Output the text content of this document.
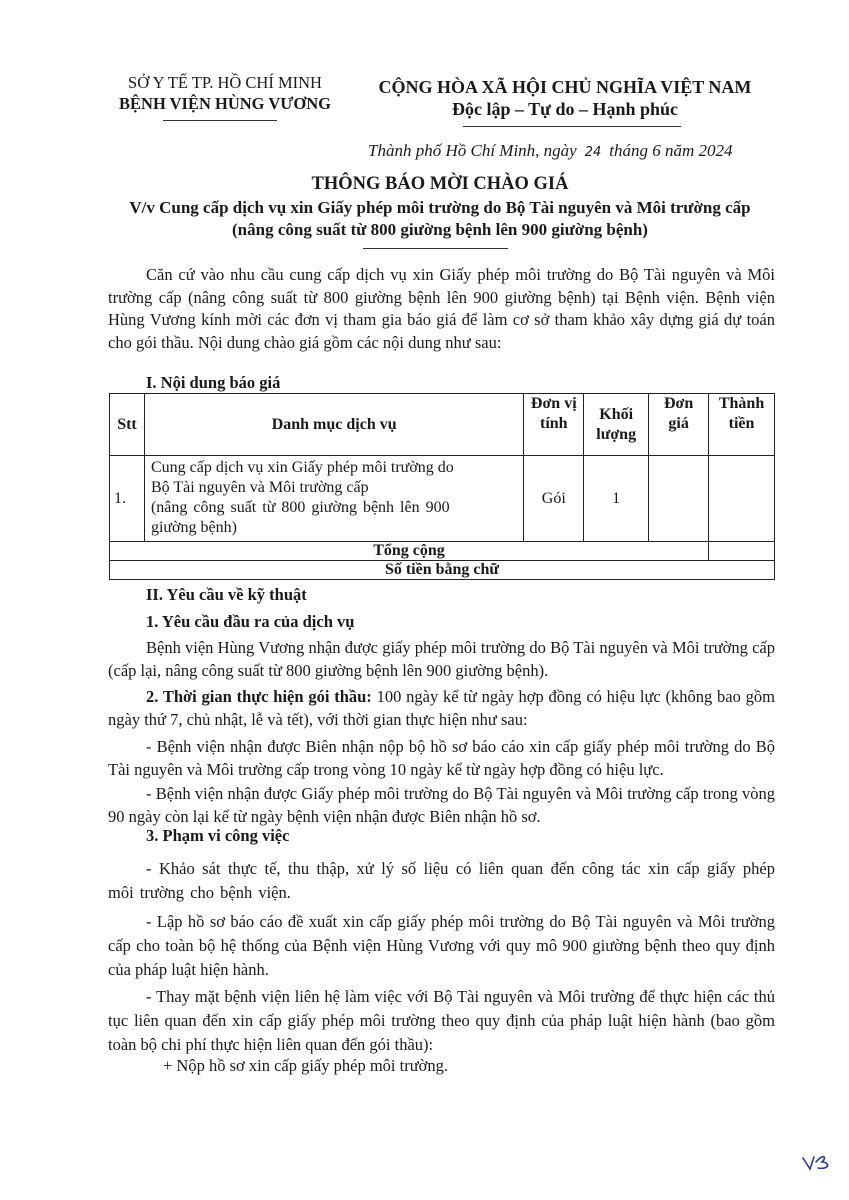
SỞ Y TẾ TP. HỒ CHÍ MINH
BỆNH VIỆN HÙNG VƯƠNG
CỘNG HÒA XÃ HỘI CHỦ NGHĨA VIỆT NAM
Độc lập – Tự do – Hạnh phúc
Thành phố Hồ Chí Minh, ngày 24 tháng 6 năm 2024
THÔNG BÁO MỜI CHÀO GIÁ
V/v Cung cấp dịch vụ xin Giấy phép môi trường do Bộ Tài nguyên và Môi trường cấp
(nâng công suất từ 800 giường bệnh lên 900 giường bệnh)
Căn cứ vào nhu cầu cung cấp dịch vụ xin Giấy phép môi trường do Bộ Tài nguyên và Môi trường cấp (nâng công suất từ 800 giường bệnh lên 900 giường bệnh) tại Bệnh viện. Bệnh viện Hùng Vương kính mời các đơn vị tham gia báo giá để làm cơ sở tham khảo xây dựng giá dự toán cho gói thầu. Nội dung chào giá gồm các nội dung như sau:
I. Nội dung báo giá
Stt	Danh mục dịch vụ	Đơn vị tính	Khối lượng	Đơn giá	Thành tiền
1.	Cung cấp dịch vụ xin Giấy phép môi trường do
Bộ Tài nguyên và Môi trường cấp
(nâng công suất từ 800 giường bệnh lên 900
giường bệnh)	Gói	1		
Tổng cộng					
Số tiền bằng chữ					
II. Yêu cầu về kỹ thuật
1. Yêu cầu đầu ra của dịch vụ
Bệnh viện Hùng Vương nhận được giấy phép môi trường do Bộ Tài nguyên và Môi trường cấp (cấp lại, nâng công suất từ 800 giường bệnh lên 900 giường bệnh).
2. Thời gian thực hiện gói thầu: 100 ngày kể từ ngày hợp đồng có hiệu lực (không bao gồm ngày thứ 7, chủ nhật, lễ và tết), với thời gian thực hiện như sau:
- Bệnh viện nhận được Biên nhận nộp bộ hồ sơ báo cáo xin cấp giấy phép môi trường do Bộ Tài nguyên và Môi trường cấp trong vòng 10 ngày kể từ ngày hợp đồng có hiệu lực.
- Bệnh viện nhận được Giấy phép môi trường do Bộ Tài nguyên và Môi trường cấp trong vòng 90 ngày còn lại kể từ ngày bệnh viện nhận được Biên nhận hồ sơ.
3. Phạm vi công việc
- Khảo sát thực tế, thu thập, xử lý số liệu có liên quan đến công tác xin cấp giấy phép môi trường cho bệnh viện.
- Lập hồ sơ báo cáo đề xuất xin cấp giấy phép môi trường do Bộ Tài nguyên và Môi trường cấp cho toàn bộ hệ thống của Bệnh viện Hùng Vương với quy mô 900 giường bệnh theo quy định của pháp luật hiện hành.
- Thay mặt bệnh viện liên hệ làm việc với Bộ Tài nguyên và Môi trường để thực hiện các thủ tục liên quan đến xin cấp giấy phép môi trường theo quy định của pháp luật hiện hành (bao gồm toàn bộ chi phí thực hiện liên quan đến gói thầu):
+ Nộp hồ sơ xin cấp giấy phép môi trường.
